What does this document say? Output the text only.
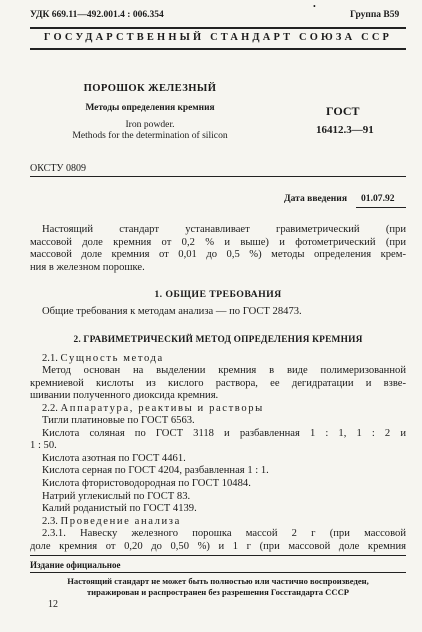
УДК 669.11—492.001.4 : 006.354
•
Группа В59
ГОСУДАРСТВЕННЫЙ СТАНДАРТ СОЮЗА ССР
ПОРОШОК ЖЕЛЕЗНЫЙ
Методы определения кремния
Iron powder.
Methods for the determination of silicon
ГОСТ
16412.3—91
ОКСТУ 0809
Дата введения 01.07.92
Настоящий стандарт устанавливает гравиметрический (при
массовой доле кремния от 0,2 % и выше) и фотометрический (при
массовой доле кремния от 0,01 до 0,5 %) методы определения крем-
ния в железном порошке.
1. ОБЩИЕ ТРЕБОВАНИЯ
Общие требования к методам анализа — по ГОСТ 28473.
2. ГРАВИМЕТРИЧЕСКИЙ МЕТОД ОПРЕДЕЛЕНИЯ КРЕМНИЯ
2.1. Сущность метода
Метод основан на выделении кремния в виде полимеризованной
кремниевой кислоты из кислого раствора, ее дегидратации и взве-
шивании полученного диоксида кремния.
2.2. Аппаратура, реактивы и растворы
Тигли платиновые по ГОСТ 6563.
Кислота соляная по ГОСТ 3118 и разбавленная 1 : 1, 1 : 2 и
1 : 50.
Кислота азотная по ГОСТ 4461.
Кислота серная по ГОСТ 4204, разбавленная 1 : 1.
Кислота фтористоводородная по ГОСТ 10484.
Натрий углекислый по ГОСТ 83.
Калий роданистый по ГОСТ 4139.
2.3. Проведение анализа
2.3.1. Навеску железного порошка массой 2 г (при массовой
доле кремния от 0,20 до 0,50 %) и 1 г (при массовой доле кремния
Издание официальное
Настоящий стандарт не может быть полностью или частично воспроизведен,
тиражирован и распространен без разрешения Госстандарта СССР
12
